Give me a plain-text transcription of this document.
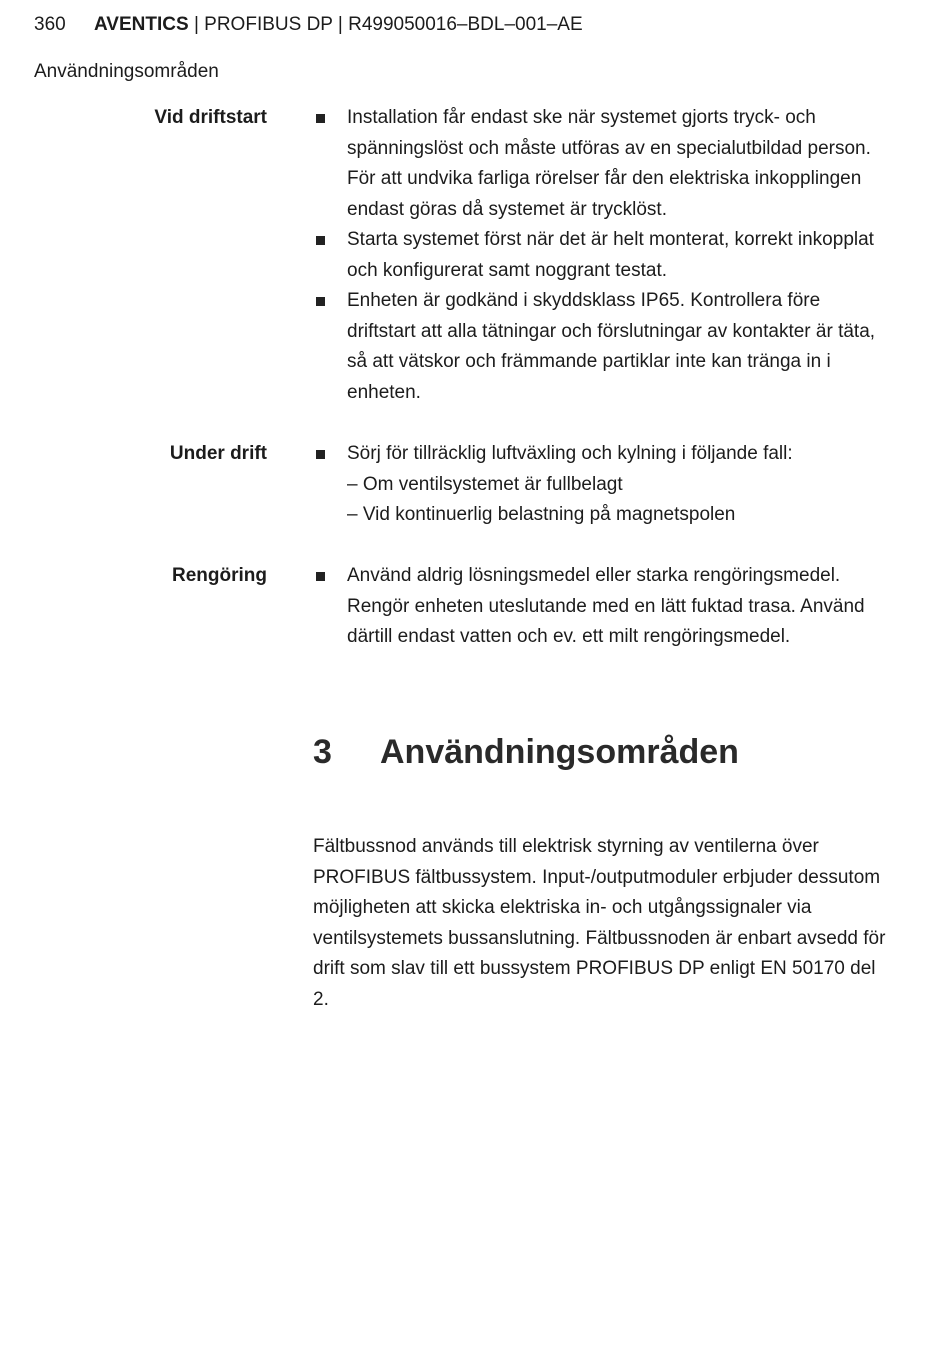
360 AVENTICS | PROFIBUS DP | R499050016–BDL–001–AE
Användningsområden
Vid driftstart	Installation får endast ske när systemet gjorts tryck- och spänningslöst och måste utföras av en specialutbildad person. För att undvika farliga rörelser får den elektriska inkopplingen endast göras då systemet är trycklöst.
Starta systemet först när det är helt monterat, korrekt inkopplat och konfigurerat samt noggrant testat.
Enheten är godkänd i skyddsklass IP65. Kontrollera före driftstart att alla tätningar och förslutningar av kontakter är täta, så att vätskor och främmande partiklar inte kan tränga in i enheten.
Under drift	Sörj för tillräcklig luftväxling och kylning i följande fall:
– Om ventilsystemet är fullbelagt
– Vid kontinuerlig belastning på magnetspolen
Rengöring	Använd aldrig lösningsmedel eller starka rengöringsmedel. Rengör enheten uteslutande med en lätt fuktad trasa. Använd därtill endast vatten och ev. ett milt rengöringsmedel.
3 Användningsområden

Fältbussnod används till elektrisk styrning av ventilerna över PROFIBUS fältbussystem. Input-/outputmoduler erbjuder dessutom möjligheten att skicka elektriska in- och utgångssignaler via ventilsystemets bussanslutning. Fältbussnoden är enbart avsedd för drift som slav till ett bussystem PROFIBUS DP enligt EN 50170 del 2.
